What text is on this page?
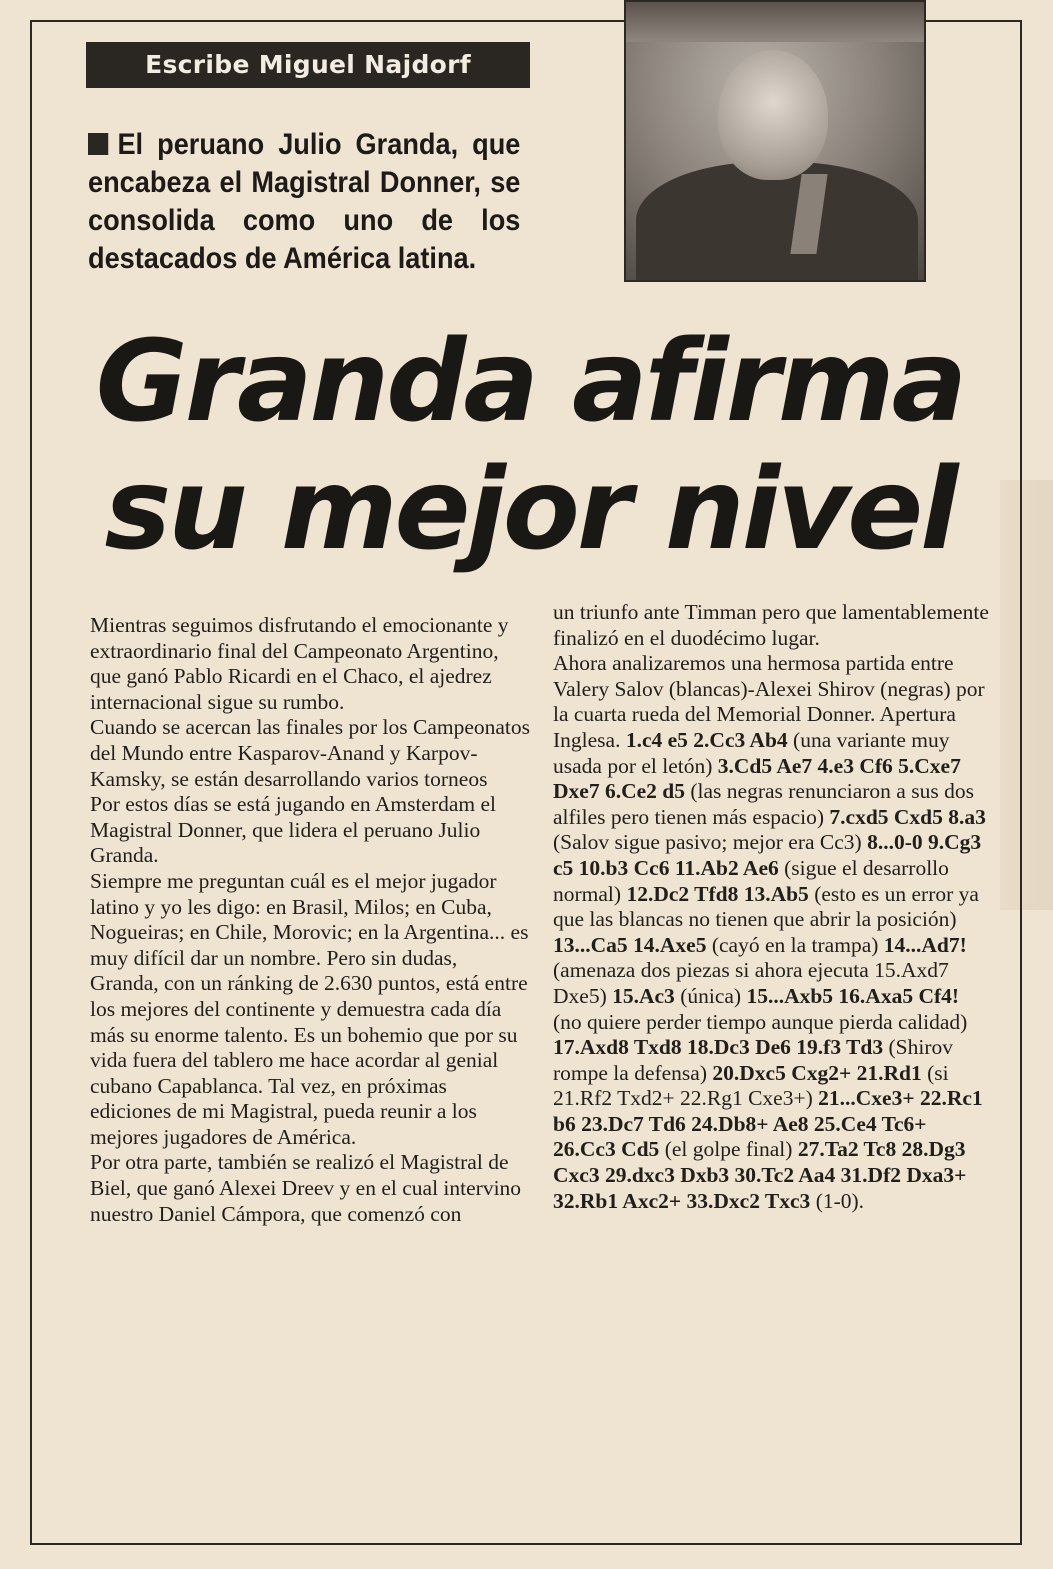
Escribe Miguel Najdorf
El peruano Julio Granda, que encabeza el Magistral Donner, se consolida como uno de los destacados de América latina.
Granda afirma
su mejor nivel

Mientras seguimos disfrutando el emocionante y extraordinario final del Campeonato Argentino, que ganó Pablo Ricardi en el Chaco, el ajedrez internacional sigue su rumbo.

Cuando se acercan las finales por los Campeonatos del Mundo entre Kasparov-Anand y Karpov-Kamsky, se están desarrollando varios torneos

Por estos días se está jugando en Amsterdam el Magistral Donner, que lidera el peruano Julio Granda.

Siempre me preguntan cuál es el mejor jugador latino y yo les digo: en Brasil, Milos; en Cuba, Nogueiras; en Chile, Morovic; en la Argentina... es muy difícil dar un nombre. Pero sin dudas, Granda, con un ránking de 2.630 puntos, está entre los mejores del continente y demuestra cada día más su enorme talento. Es un bohemio que por su vida fuera del tablero me hace acordar al genial cubano Capablanca. Tal vez, en próximas ediciones de mi Magistral, pueda reunir a los mejores jugadores de América.

Por otra parte, también se realizó el Magistral de Biel, que ganó Alexei Dreev y en el cual intervino nuestro Daniel Cámpora, que comenzó con

un triunfo ante Timman pero que lamentablemente finalizó en el duodécimo lugar.

Ahora analizaremos una hermosa partida entre Valery Salov (blancas)-Alexei Shirov (negras) por la cuarta rueda del Memorial Donner. Apertura Inglesa. 1.c4 e5 2.Cc3 Ab4 (una variante muy usada por el letón) 3.Cd5 Ae7 4.e3 Cf6 5.Cxe7 Dxe7 6.Ce2 d5 (las negras renunciaron a sus dos alfiles pero tienen más espacio) 7.cxd5 Cxd5 8.a3 (Salov sigue pasivo; mejor era Cc3) 8...0-0 9.Cg3 c5 10.b3 Cc6 11.Ab2 Ae6 (sigue el desarrollo normal) 12.Dc2 Tfd8 13.Ab5 (esto es un error ya que las blancas no tienen que abrir la posición) 13...Ca5 14.Axe5 (cayó en la trampa) 14...Ad7! (amenaza dos piezas si ahora ejecuta 15.Axd7 Dxe5) 15.Ac3 (única) 15...Axb5 16.Axa5 Cf4! (no quiere perder tiempo aunque pierda calidad) 17.Axd8 Txd8 18.Dc3 De6 19.f3 Td3 (Shirov rompe la defensa) 20.Dxc5 Cxg2+ 21.Rd1 (si 21.Rf2 Txd2+ 22.Rg1 Cxe3+) 21...Cxe3+ 22.Rc1 b6 23.Dc7 Td6 24.Db8+ Ae8 25.Ce4 Tc6+ 26.Cc3 Cd5 (el golpe final) 27.Ta2 Tc8 28.Dg3 Cxc3 29.dxc3 Dxb3 30.Tc2 Aa4 31.Df2 Dxa3+ 32.Rb1 Axc2+ 33.Dxc2 Txc3 (1-0).
